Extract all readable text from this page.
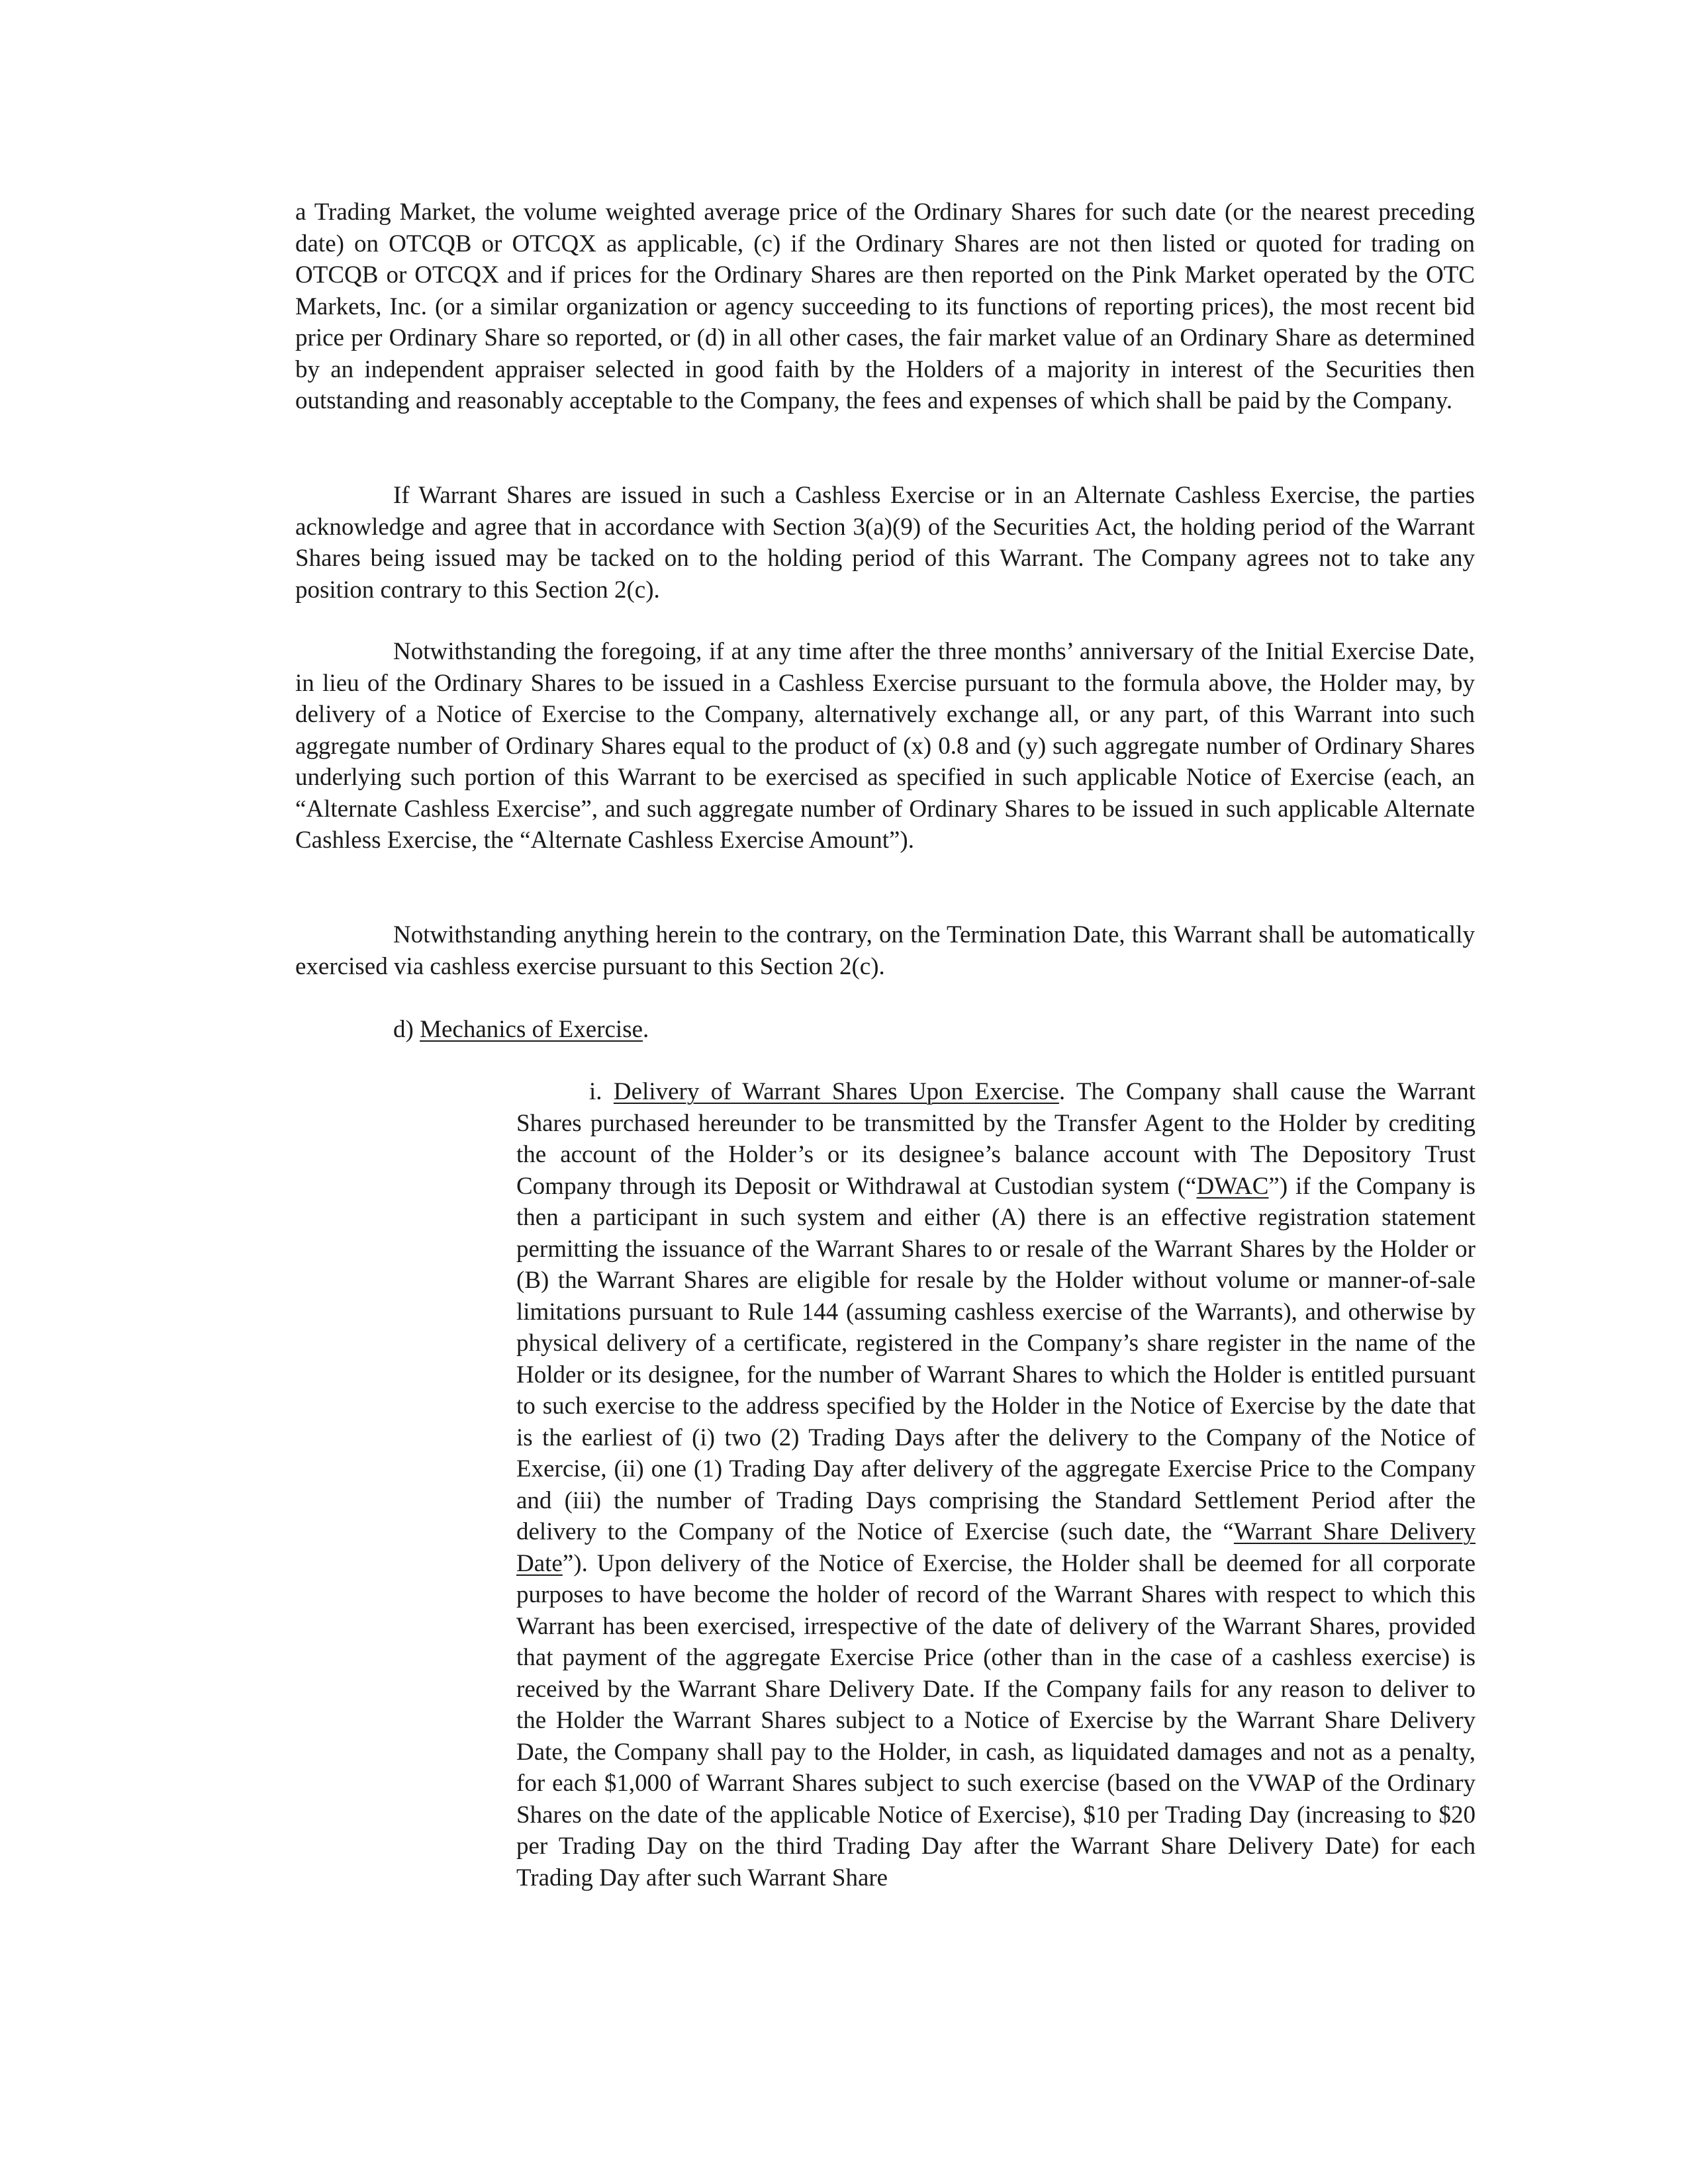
a Trading Market, the volume weighted average price of the Ordinary Shares for such date (or the nearest preceding date) on OTCQB or OTCQX as applicable, (c) if the Ordinary Shares are not then listed or quoted for trading on OTCQB or OTCQX and if prices for the Ordinary Shares are then reported on the Pink Market operated by the OTC Markets, Inc. (or a similar organization or agency succeeding to its functions of reporting prices), the most recent bid price per Ordinary Share so reported, or (d) in all other cases, the fair market value of an Ordinary Share as determined by an independent appraiser selected in good faith by the Holders of a majority in interest of the Securities then outstanding and reasonably acceptable to the Company, the fees and expenses of which shall be paid by the Company.

If Warrant Shares are issued in such a Cashless Exercise or in an Alternate Cashless Exercise, the parties acknowledge and agree that in accordance with Section 3(a)(9) of the Securities Act, the holding period of the Warrant Shares being issued may be tacked on to the holding period of this Warrant. The Company agrees not to take any position contrary to this Section 2(c).

Notwithstanding the foregoing, if at any time after the three months’ anniversary of the Initial Exercise Date, in lieu of the Ordinary Shares to be issued in a Cashless Exercise pursuant to the formula above, the Holder may, by delivery of a Notice of Exercise to the Company, alternatively exchange all, or any part, of this Warrant into such aggregate number of Ordinary Shares equal to the product of (x) 0.8 and (y) such aggregate number of Ordinary Shares underlying such portion of this Warrant to be exercised as specified in such applicable Notice of Exercise (each, an “Alternate Cashless Exercise”, and such aggregate number of Ordinary Shares to be issued in such applicable Alternate Cashless Exercise, the “Alternate Cashless Exercise Amount”).

Notwithstanding anything herein to the contrary, on the Termination Date, this Warrant shall be automatically exercised via cashless exercise pursuant to this Section 2(c).

d) Mechanics of Exercise.

i. Delivery of Warrant Shares Upon Exercise. The Company shall cause the Warrant Shares purchased hereunder to be transmitted by the Transfer Agent to the Holder by crediting the account of the Holder’s or its designee’s balance account with The Depository Trust Company through its Deposit or Withdrawal at Custodian system (“DWAC”) if the Company is then a participant in such system and either (A) there is an effective registration statement permitting the issuance of the Warrant Shares to or resale of the Warrant Shares by the Holder or (B) the Warrant Shares are eligible for resale by the Holder without volume or manner-of-sale limitations pursuant to Rule 144 (assuming cashless exercise of the Warrants), and otherwise by physical delivery of a certificate, registered in the Company’s share register in the name of the Holder or its designee, for the number of Warrant Shares to which the Holder is entitled pursuant to such exercise to the address specified by the Holder in the Notice of Exercise by the date that is the earliest of (i) two (2) Trading Days after the delivery to the Company of the Notice of Exercise, (ii) one (1) Trading Day after delivery of the aggregate Exercise Price to the Company and (iii) the number of Trading Days comprising the Standard Settlement Period after the delivery to the Company of the Notice of Exercise (such date, the “Warrant Share Delivery Date”). Upon delivery of the Notice of Exercise, the Holder shall be deemed for all corporate purposes to have become the holder of record of the Warrant Shares with respect to which this Warrant has been exercised, irrespective of the date of delivery of the Warrant Shares, provided that payment of the aggregate Exercise Price (other than in the case of a cashless exercise) is received by the Warrant Share Delivery Date. If the Company fails for any reason to deliver to the Holder the Warrant Shares subject to a Notice of Exercise by the Warrant Share Delivery Date, the Company shall pay to the Holder, in cash, as liquidated damages and not as a penalty, for each $1,000 of Warrant Shares subject to such exercise (based on the VWAP of the Ordinary Shares on the date of the applicable Notice of Exercise), $10 per Trading Day (increasing to $20 per Trading Day on the third Trading Day after the Warrant Share Delivery Date) for each Trading Day after such Warrant Share
